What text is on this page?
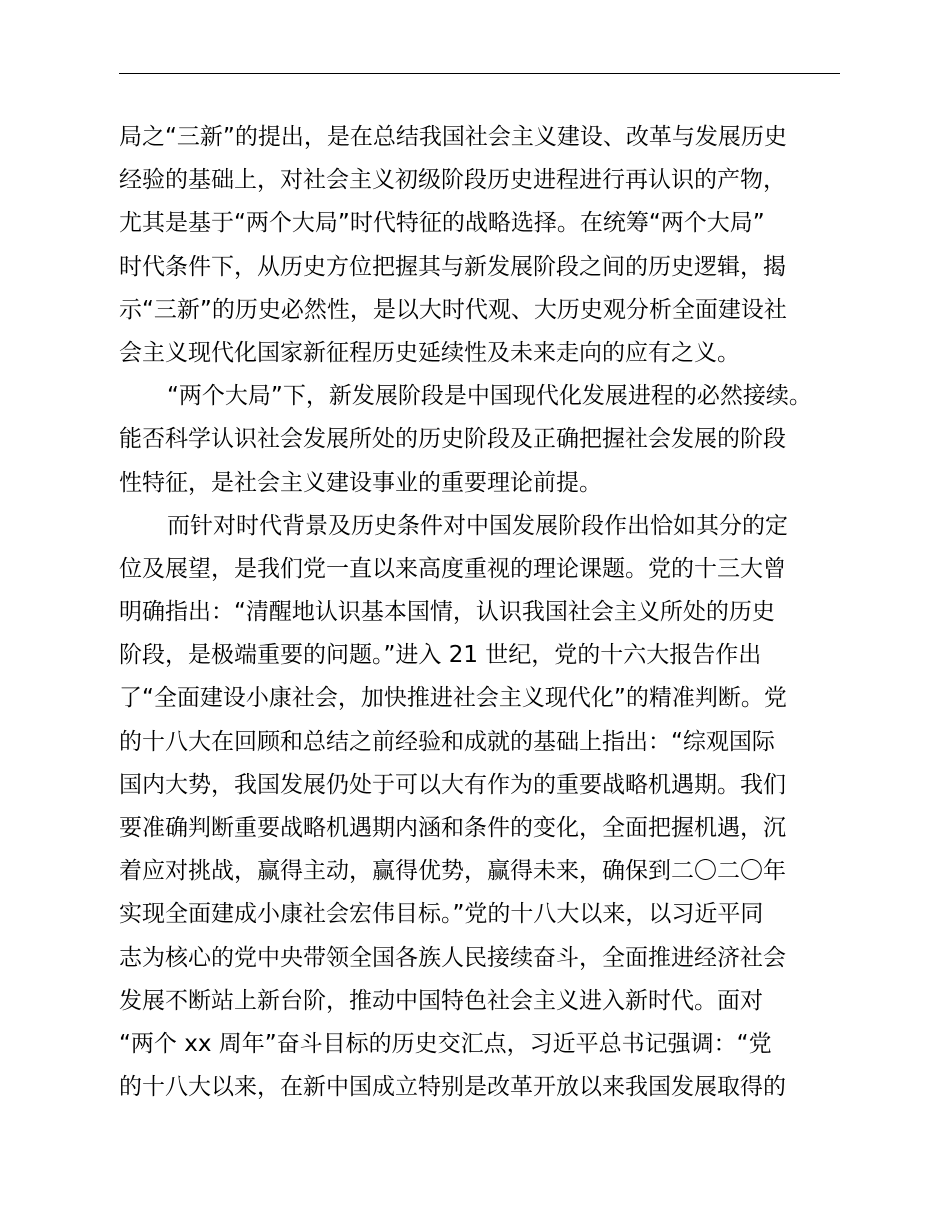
局之“三新”的提出，是在总结我国社会主义建设、改革与发展历史
经验的基础上，对社会主义初级阶段历史进程进行再认识的产物，
尤其是基于“两个大局”时代特征的战略选择。在统筹“两个大局”
时代条件下，从历史方位把握其与新发展阶段之间的历史逻辑，揭
示“三新”的历史必然性，是以大时代观、大历史观分析全面建设社
会主义现代化国家新征程历史延续性及未来走向的应有之义。
“两个大局”下，新发展阶段是中国现代化发展进程的必然接续。
能否科学认识社会发展所处的历史阶段及正确把握社会发展的阶段
性特征，是社会主义建设事业的重要理论前提。
而针对时代背景及历史条件对中国发展阶段作出恰如其分的定
位及展望，是我们党一直以来高度重视的理论课题。党的十三大曾
明确指出：“清醒地认识基本国情，认识我国社会主义所处的历史
阶段，是极端重要的问题。”进入 21 世纪，党的十六大报告作出
了“全面建设小康社会，加快推进社会主义现代化”的精准判断。党
的十八大在回顾和总结之前经验和成就的基础上指出：“综观国际
国内大势，我国发展仍处于可以大有作为的重要战略机遇期。我们
要准确判断重要战略机遇期内涵和条件的变化，全面把握机遇，沉
着应对挑战，赢得主动，赢得优势，赢得未来，确保到二〇二〇年
实现全面建成小康社会宏伟目标。”党的十八大以来，以习近平同
志为核心的党中央带领全国各族人民接续奋斗，全面推进经济社会
发展不断站上新台阶，推动中国特色社会主义进入新时代。面对
“两个 xx 周年”奋斗目标的历史交汇点，习近平总书记强调：“党
的十八大以来，在新中国成立特别是改革开放以来我国发展取得的
